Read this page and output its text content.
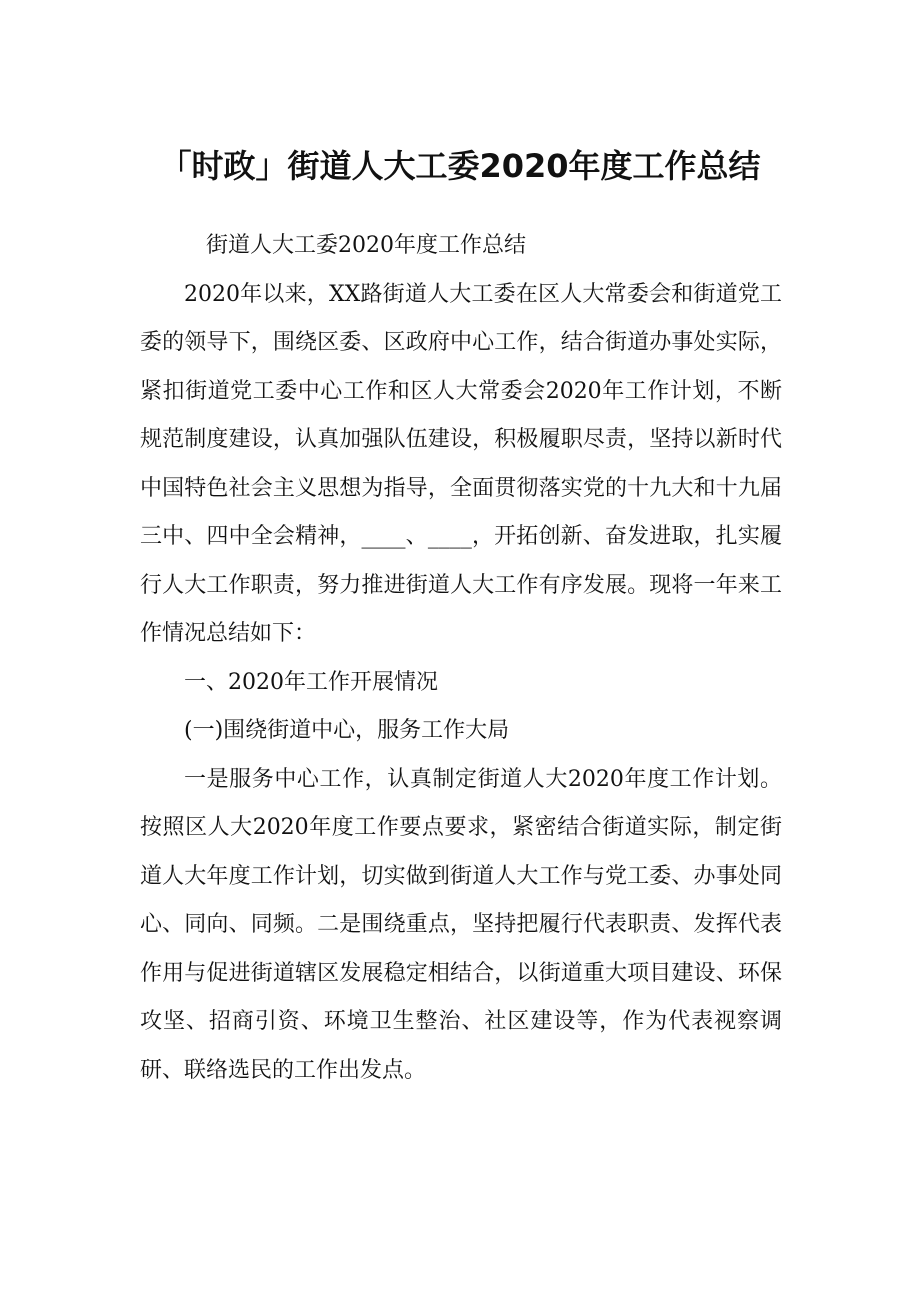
「时政」街道人大工委2020年度工作总结

街道人大工委2020年度工作总结

2020年以来，XX路街道人大工委在区人大常委会和街道党工委的领导下，围绕区委、区政府中心工作，结合街道办事处实际，紧扣街道党工委中心工作和区人大常委会2020年工作计划，不断规范制度建设，认真加强队伍建设，积极履职尽责，坚持以新时代中国特色社会主义思想为指导，全面贯彻落实党的十九大和十九届三中、四中全会精神，____、____，开拓创新、奋发进取，扎实履行人大工作职责，努力推进街道人大工作有序发展。现将一年来工作情况总结如下：

一、2020年工作开展情况

(一)围绕街道中心，服务工作大局

一是服务中心工作，认真制定街道人大2020年度工作计划。按照区人大2020年度工作要点要求，紧密结合街道实际，制定街道人大年度工作计划，切实做到街道人大工作与党工委、办事处同心、同向、同频。二是围绕重点，坚持把履行代表职责、发挥代表作用与促进街道辖区发展稳定相结合，以街道重大项目建设、环保攻坚、招商引资、环境卫生整治、社区建设等，作为代表视察调研、联络选民的工作出发点。
